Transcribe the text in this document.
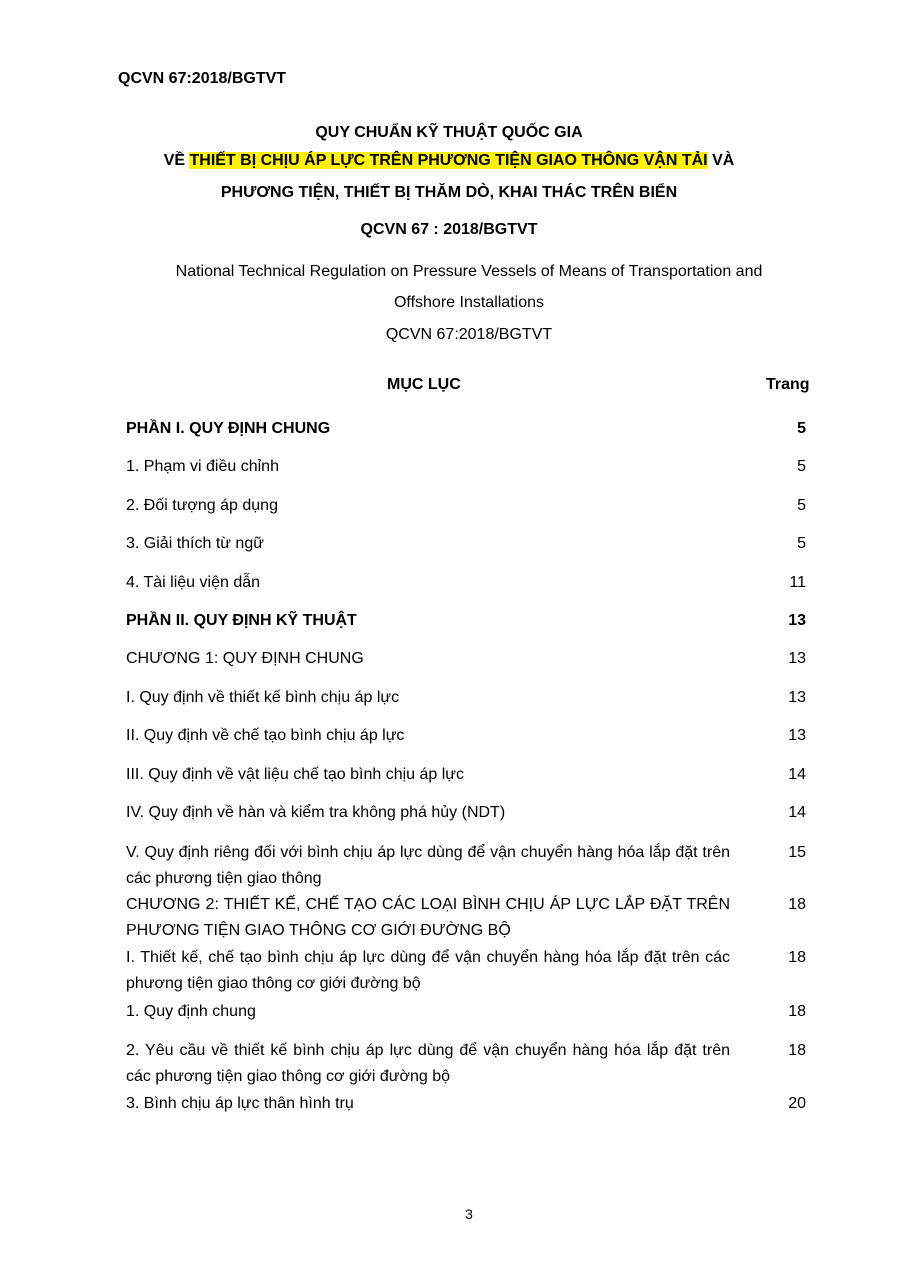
QCVN 67:2018/BGTVT
QUY CHUẨN KỸ THUẬT QUỐC GIA
VỀ THIẾT BỊ CHỊU ÁP LỰC TRÊN PHƯƠNG TIỆN GIAO THÔNG VẬN TẢI VÀ
PHƯƠNG TIỆN, THIẾT BỊ THĂM DÒ, KHAI THÁC TRÊN BIỂN
QCVN 67 : 2018/BGTVT
National Technical Regulation on Pressure Vessels of Means of Transportation and
Offshore Installations
QCVN 67:2018/BGTVT
MỤC LỤC	Trang
PHẦN I. QUY ĐỊNH CHUNG	5
1. Phạm vi điều chỉnh	5
2. Đối tượng áp dụng	5
3. Giải thích từ ngữ	5
4. Tài liệu viện dẫn	11
PHẦN II. QUY ĐỊNH KỸ THUẬT	13
CHƯƠNG 1: QUY ĐỊNH CHUNG	13
I. Quy định về thiết kế bình chịu áp lực	13
II. Quy định về chế tạo bình chịu áp lực	13
III. Quy định về vật liệu chế tạo bình chịu áp lực	14
IV. Quy định về hàn và kiểm tra không phá hủy (NDT)	14
V. Quy định riêng đối với bình chịu áp lực dùng để vận chuyển hàng hóa lắp đặt trên các phương tiện giao thông
15
CHƯƠNG 2: THIẾT KẾ, CHẾ TẠO CÁC LOẠI BÌNH CHỊU ÁP LỰC LẮP ĐẶT TRÊN PHƯƠNG TIỆN GIAO THÔNG CƠ GIỚI ĐƯỜNG BỘ
18
I. Thiết kế, chế tạo bình chịu áp lực dùng để vận chuyển hàng hóa lắp đặt trên các phương tiện giao thông cơ giới đường bộ
18
1. Quy định chung	18
2. Yêu cầu về thiết kế bình chịu áp lực dùng để vận chuyển hàng hóa lắp đặt trên các phương tiện giao thông cơ giới đường bộ
18
3. Bình chịu áp lực thân hình trụ	20
3
